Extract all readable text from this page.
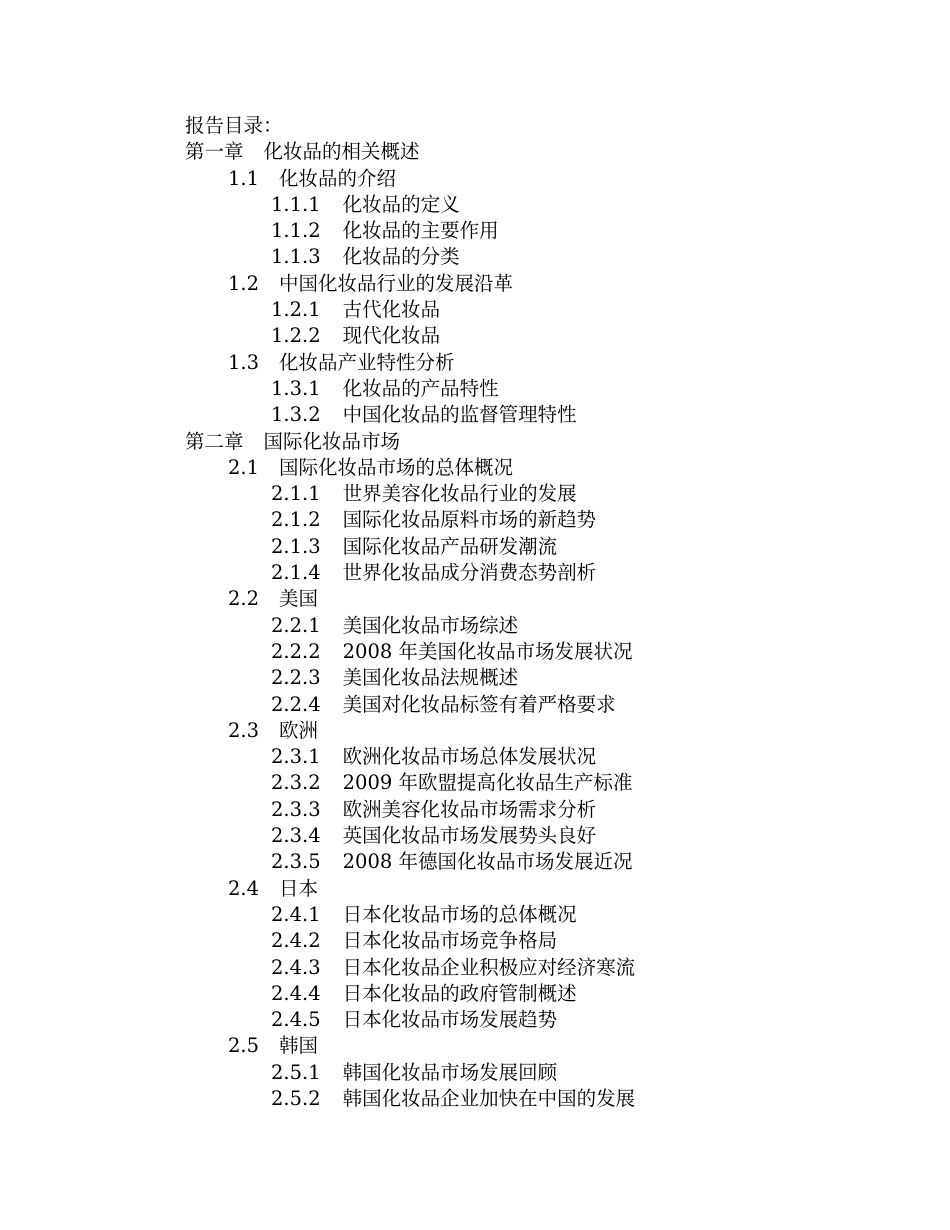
报告目录：
第一章 化妆品的相关概述
1.1 化妆品的介绍
1.1.1 化妆品的定义
1.1.2 化妆品的主要作用
1.1.3 化妆品的分类
1.2 中国化妆品行业的发展沿革
1.2.1 古代化妆品
1.2.2 现代化妆品
1.3 化妆品产业特性分析
1.3.1 化妆品的产品特性
1.3.2 中国化妆品的监督管理特性
第二章 国际化妆品市场
2.1 国际化妆品市场的总体概况
2.1.1 世界美容化妆品行业的发展
2.1.2 国际化妆品原料市场的新趋势
2.1.3 国际化妆品产品研发潮流
2.1.4 世界化妆品成分消费态势剖析
2.2 美国
2.2.1 美国化妆品市场综述
2.2.2 2008 年美国化妆品市场发展状况
2.2.3 美国化妆品法规概述
2.2.4 美国对化妆品标签有着严格要求
2.3 欧洲
2.3.1 欧洲化妆品市场总体发展状况
2.3.2 2009 年欧盟提高化妆品生产标准
2.3.3 欧洲美容化妆品市场需求分析
2.3.4 英国化妆品市场发展势头良好
2.3.5 2008 年德国化妆品市场发展近况
2.4 日本
2.4.1 日本化妆品市场的总体概况
2.4.2 日本化妆品市场竞争格局
2.4.3 日本化妆品企业积极应对经济寒流
2.4.4 日本化妆品的政府管制概述
2.4.5 日本化妆品市场发展趋势
2.5 韩国
2.5.1 韩国化妆品市场发展回顾
2.5.2 韩国化妆品企业加快在中国的发展
